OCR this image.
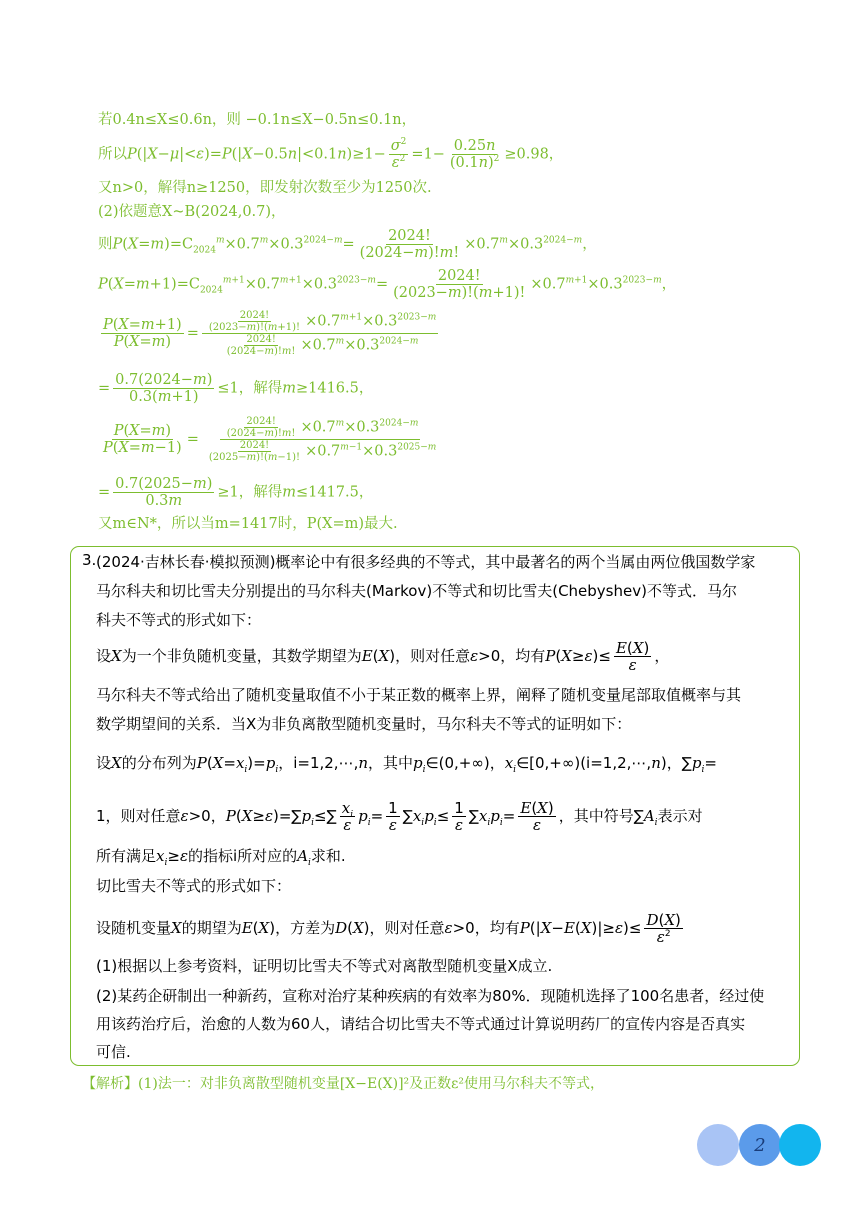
若0.4n≤X≤0.6n，则 −0.1n≤X−0.5n≤0.1n，
所以$P(|X-\mu|<\varepsilon)=P(|X-0.5n|<0.1n)\ge 1- \frac{\sigma^2}{\varepsilon^2} =1- \frac{0.25n}{(0.1n)^2} \ge 0.98$，
又n>0，解得n≥1250，即发射次数至少为1250次.
(2)依题意X~B(2024,0.7)，
则$P(X=m)=C_{2024}^m\times 0.7^m\times 0.3^{2024-m}= \frac{2024!}{(2024-m)!m!} \times 0.7^m\times 0.3^{2024-m}$，
$P(X=m+1)=C_{2024}^{m+1}\times 0.7^{m+1}\times 0.3^{2023-m}= \frac{2024!}{(2023-m)!(m+1)!} \times 0.7^{m+1}\times 0.3^{2023-m}$，
$\frac{P(X=m+1)}{P(X=m)} = \frac{\frac{2024!}{(2023-m)!(m+1)!} \times 0.7^{m+1}\times 0.3^{2023-m}}{\frac{2024!}{(2024-m)!m!} \times 0.7^m\times 0.3^{2024-m}}$
= $\frac{0.7(2024-m)}{0.3(m+1)} \le 1$，解得m≥1416.5，
$\frac{P(X=m)}{P(X=m-1)} = \frac{\frac{2024!}{(2024-m)!m!} \times 0.7^m\times 0.3^{2024-m}}{\frac{2024!}{(2025-m)!(m-1)!} \times 0.7^{m-1}\times 0.3^{2025-m}}$
= $\frac{0.7(2025-m)}{0.3m} \ge 1$，解得m≤1417.5，
又m∈N*，所以当m=1417时，P(X=m)最大.
3. (2024·吉林长春·模拟预测)概率论中有很多经典的不等式，其中最著名的两个当属由两位俄国数学家
马尔科夫和切比雪夫分别提出的马尔科夫(Markov)不等式和切比雪夫(Chebyshev)不等式．马尔
科夫不等式的形式如下：
设X为一个非负随机变量，其数学期望为E(X)，则对任意ε>0，均有$P(X\ge\varepsilon)\le \frac{E(X)}{\varepsilon}$ ，
马尔科夫不等式给出了随机变量取值不小于某正数的概率上界，阐释了随机变量尾部取值概率与其
数学期望间的关系．当X为非负离散型随机变量时，马尔科夫不等式的证明如下：
设X的分布列为$P(X=x_i)=p_i$，i=1,2,⋯,n，其中$p_i\in(0,+\infty)$，$x_i\in[0,+\infty)(i=1,2,\cdots,n)$，$\sum p_i=$
1，则对任意ε>0，$P(X\ge\varepsilon)=\sum p_i\le\sum \frac{x_i}{\varepsilon} p_i= \frac{1}{\varepsilon} \sum x_ip_i\le \frac{1}{\varepsilon} \sum x_ip_i= \frac{E(X)}{\varepsilon}$ ，其中符号$\sum A_i$表示对
所有满足$x_i\ge\varepsilon$的指标i所对应的$A_i$求和.
切比雪夫不等式的形式如下：
设随机变量X的期望为E(X)，方差为D(X)，则对任意ε>0，均有$P(|X-E(X)|\ge\varepsilon)\le \frac{D(X)}{\varepsilon^2}$
(1)根据以上参考资料，证明切比雪夫不等式对离散型随机变量X成立.
(2)某药企研制出一种新药，宣称对治疗某种疾病的有效率为80%．现随机选择了100名患者，经过使
用该药治疗后，治愈的人数为60人，请结合切比雪夫不等式通过计算说明药厂的宣传内容是否真实
可信.
【解析】(1)法一：对非负离散型随机变量[X−E(X)]²及正数ε²使用马尔科夫不等式，
2
